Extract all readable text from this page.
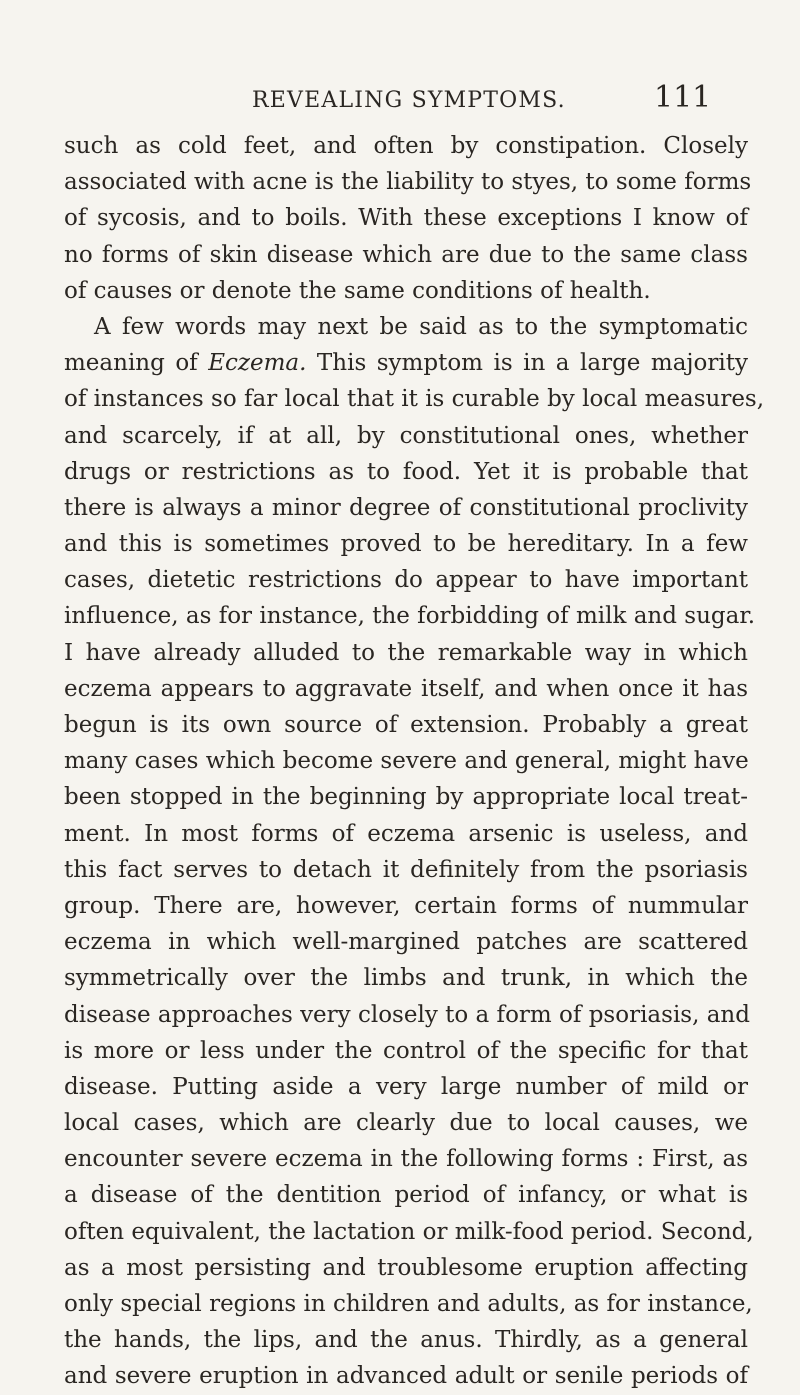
REVEALING SYMPTOMS.	111
such as cold feet, and often by constipation. Closely
associated with acne is the liability to styes, to some forms
of sycosis, and to boils. With these exceptions I know of
no forms of skin disease which are due to the same class
of causes or denote the same conditions of health.
A few words may next be said as to the symptomatic
meaning of Eczema. This symptom is in a large majority
of instances so far local that it is curable by local measures,
and scarcely, if at all, by constitutional ones, whether
drugs or restrictions as to food. Yet it is probable that
there is always a minor degree of constitutional proclivity
and this is sometimes proved to be hereditary. In a few
cases, dietetic restrictions do appear to have important
influence, as for instance, the forbidding of milk and sugar.
I have already alluded to the remarkable way in which
eczema appears to aggravate itself, and when once it has
begun is its own source of extension. Probably a great
many cases which become severe and general, might have
been stopped in the beginning by appropriate local treat-
ment. In most forms of eczema arsenic is useless, and
this fact serves to detach it definitely from the psoriasis
group. There are, however, certain forms of nummular
eczema in which well-margined patches are scattered
symmetrically over the limbs and trunk, in which the
disease approaches very closely to a form of psoriasis, and
is more or less under the control of the specific for that
disease. Putting aside a very large number of mild or
local cases, which are clearly due to local causes, we
encounter severe eczema in the following forms : First, as
a disease of the dentition period of infancy, or what is
often equivalent, the lactation or milk-food period. Second,
as a most persisting and troublesome eruption affecting
only special regions in children and adults, as for instance,
the hands, the lips, and the anus. Thirdly, as a general
and severe eruption in advanced adult or senile periods of
